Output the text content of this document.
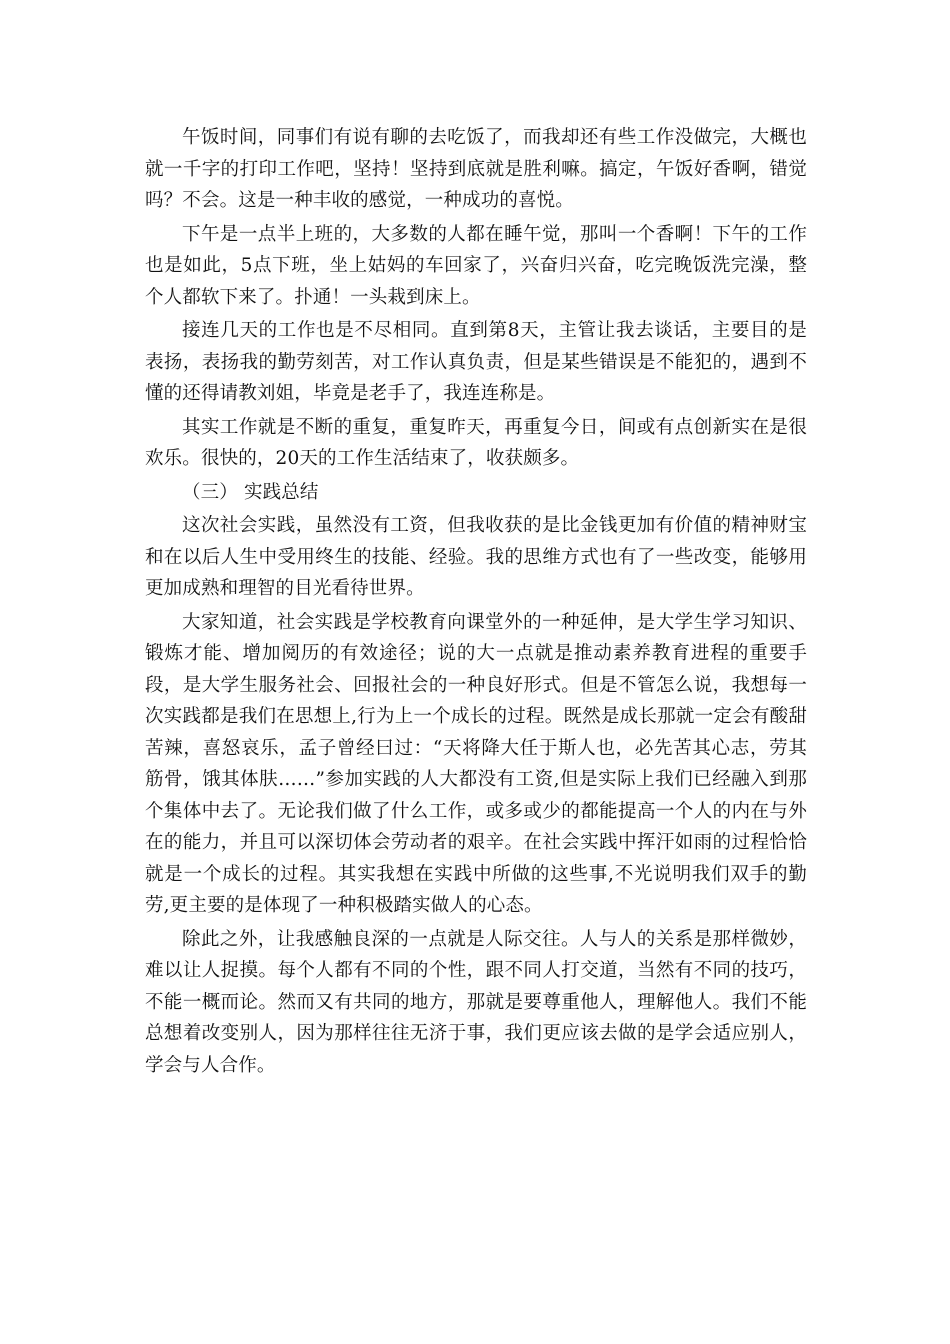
午饭时间，同事们有说有聊的去吃饭了，而我却还有些工作没做完，大概也就一千字的打印工作吧，坚持！坚持到底就是胜利嘛。搞定，午饭好香啊，错觉吗？不会。这是一种丰收的感觉，一种成功的喜悦。

下午是一点半上班的，大多数的人都在睡午觉，那叫一个香啊！下午的工作也是如此，5点下班，坐上姑妈的车回家了，兴奋归兴奋，吃完晚饭洗完澡，整个人都软下来了。扑通！一头栽到床上。

接连几天的工作也是不尽相同。直到第8天，主管让我去谈话，主要目的是表扬，表扬我的勤劳刻苦，对工作认真负责，但是某些错误是不能犯的，遇到不懂的还得请教刘姐，毕竟是老手了，我连连称是。

其实工作就是不断的重复，重复昨天，再重复今日，间或有点创新实在是很欢乐。很快的，20天的工作生活结束了，收获颇多。

（三） 实践总结

这次社会实践，虽然没有工资，但我收获的是比金钱更加有价值的精神财宝和在以后人生中受用终生的技能、经验。我的思维方式也有了一些改变，能够用更加成熟和理智的目光看待世界。

大家知道，社会实践是学校教育向课堂外的一种延伸，是大学生学习知识、锻炼才能、增加阅历的有效途径；说的大一点就是推动素养教育进程的重要手段，是大学生服务社会、回报社会的一种良好形式。但是不管怎么说，我想每一次实践都是我们在思想上,行为上一个成长的过程。既然是成长那就一定会有酸甜苦辣，喜怒哀乐，孟子曾经曰过：“天将降大任于斯人也，必先苦其心志，劳其筋骨，饿其体肤……”参加实践的人大都没有工资,但是实际上我们已经融入到那个集体中去了。无论我们做了什么工作，或多或少的都能提高一个人的内在与外在的能力，并且可以深切体会劳动者的艰辛。在社会实践中挥汗如雨的过程恰恰就是一个成长的过程。其实我想在实践中所做的这些事,不光说明我们双手的勤劳,更主要的是体现了一种积极踏实做人的心态。

除此之外，让我感触良深的一点就是人际交往。人与人的关系是那样微妙，难以让人捉摸。每个人都有不同的个性，跟不同人打交道，当然有不同的技巧，不能一概而论。然而又有共同的地方，那就是要尊重他人，理解他人。我们不能总想着改变别人，因为那样往往无济于事，我们更应该去做的是学会适应别人，学会与人合作。
